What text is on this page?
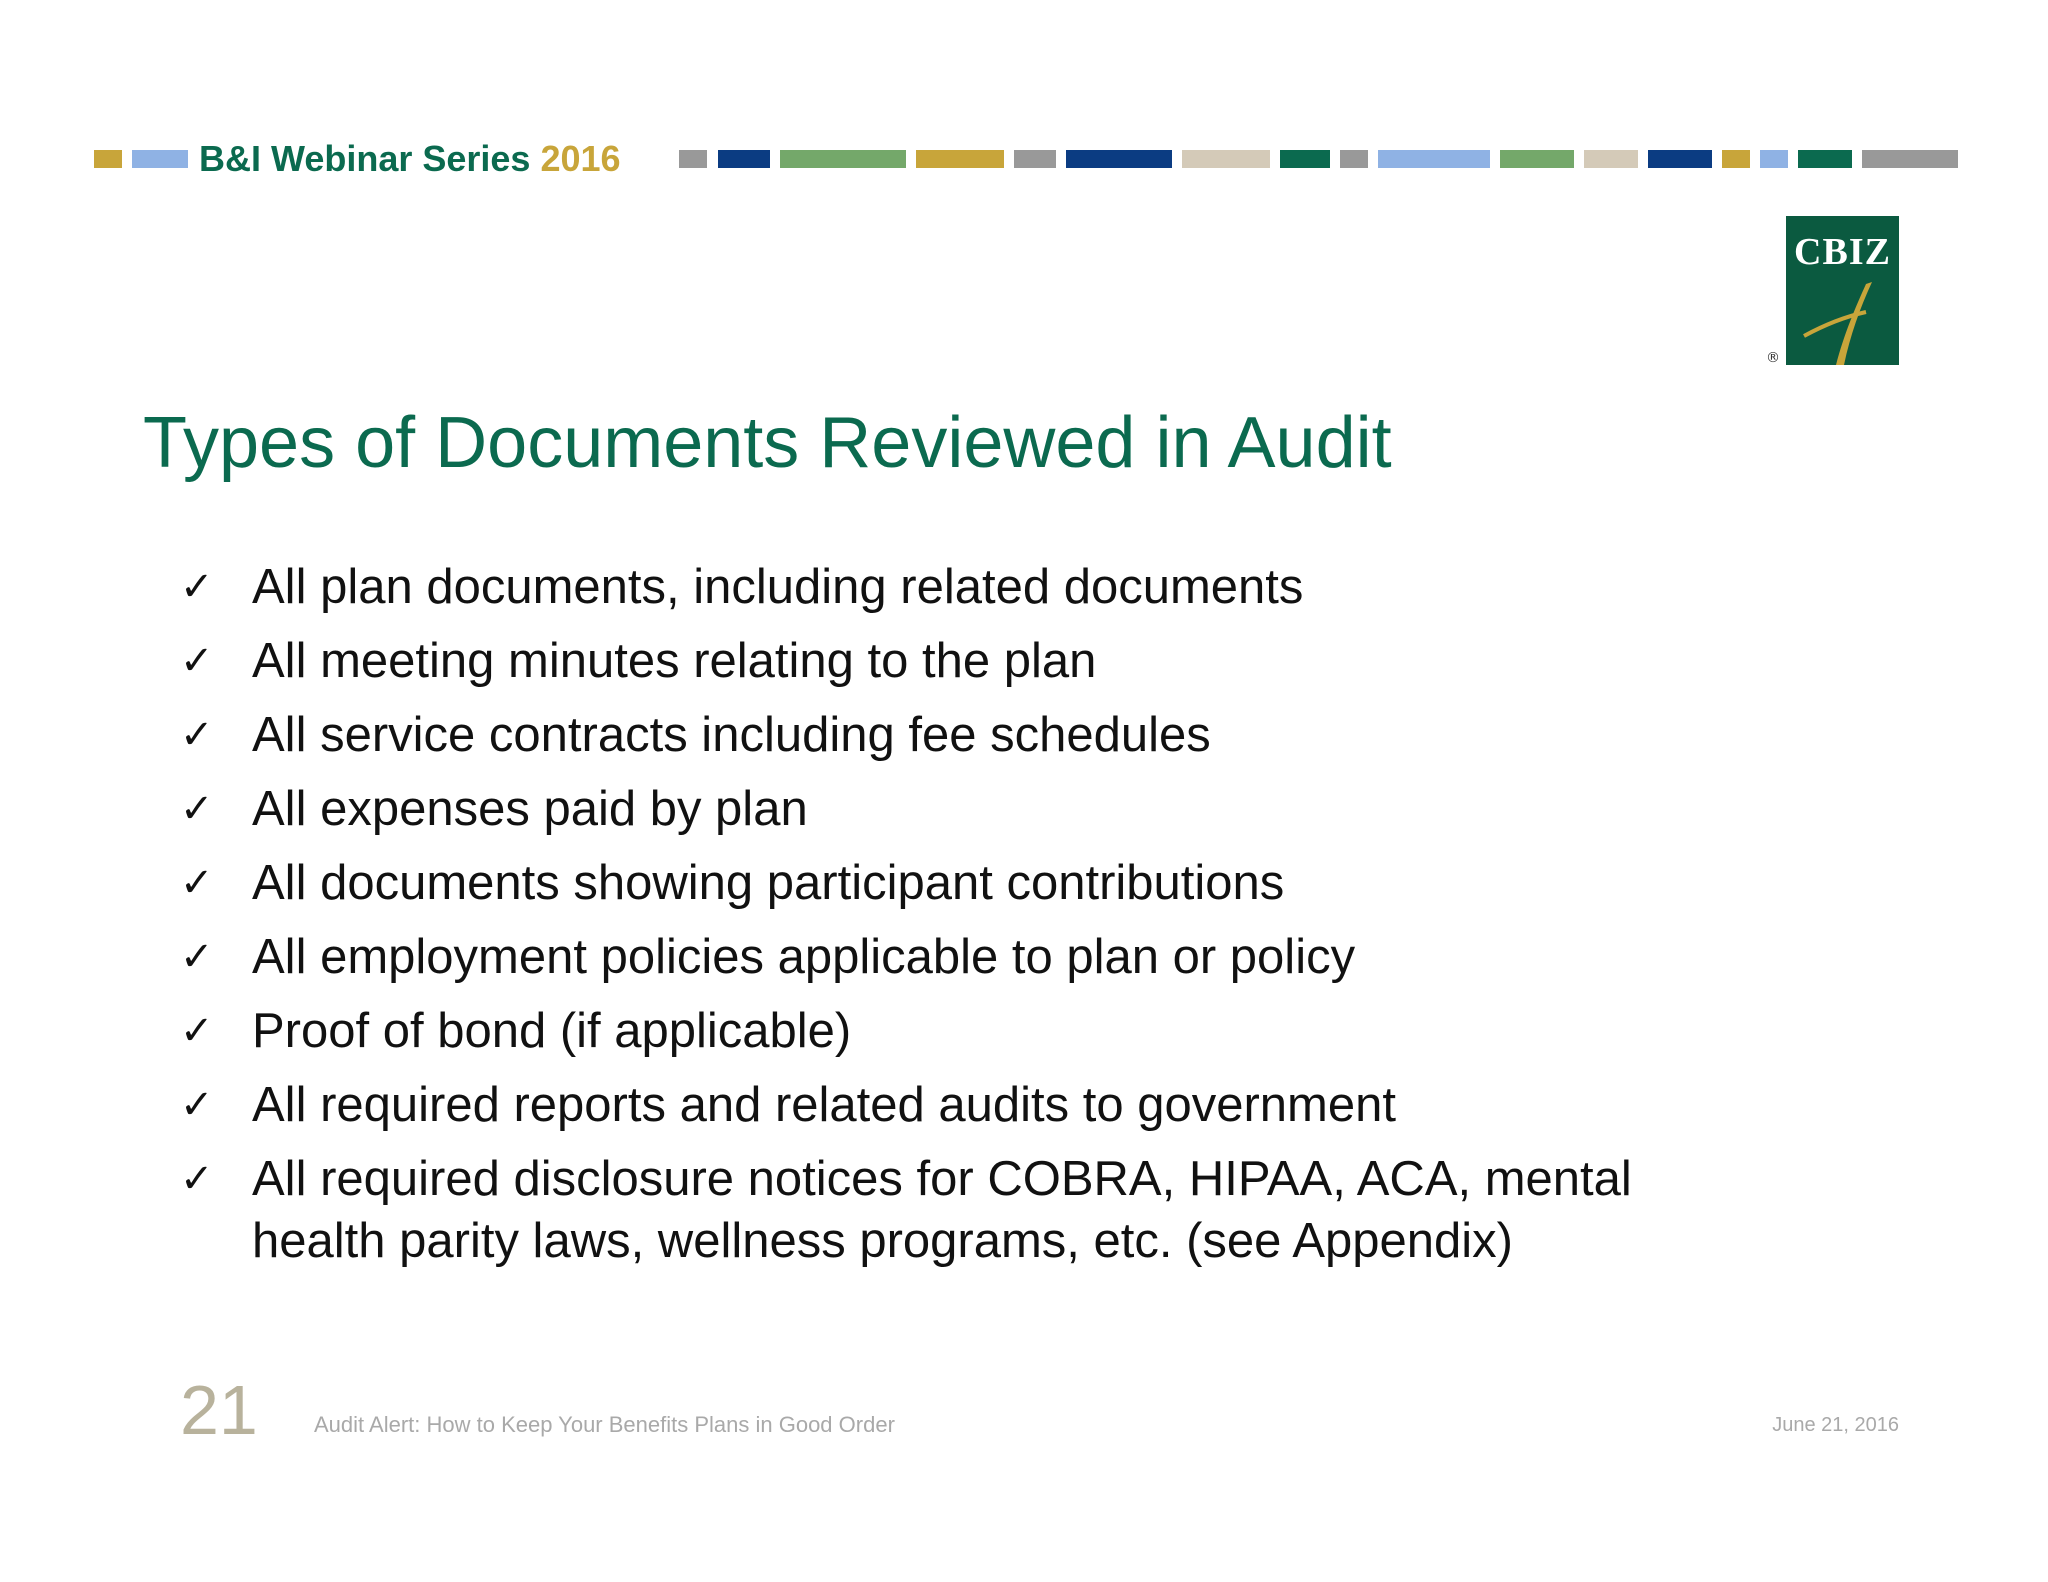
B&I Webinar Series 2016
CBIZ
®
Types of Documents Reviewed in Audit
✓ All plan documents, including related documents
✓ All meeting minutes relating to the plan
✓ All service contracts including fee schedules
✓ All expenses paid by plan
✓ All documents showing participant contributions
✓ All employment policies applicable to plan or policy
✓ Proof of bond (if applicable)
✓ All required reports and related audits to government
✓ All required disclosure notices for COBRA, HIPAA, ACA, mental health parity laws, wellness programs, etc. (see Appendix)
21	Audit Alert: How to Keep Your Benefits Plans in Good Order	June 21, 2016
